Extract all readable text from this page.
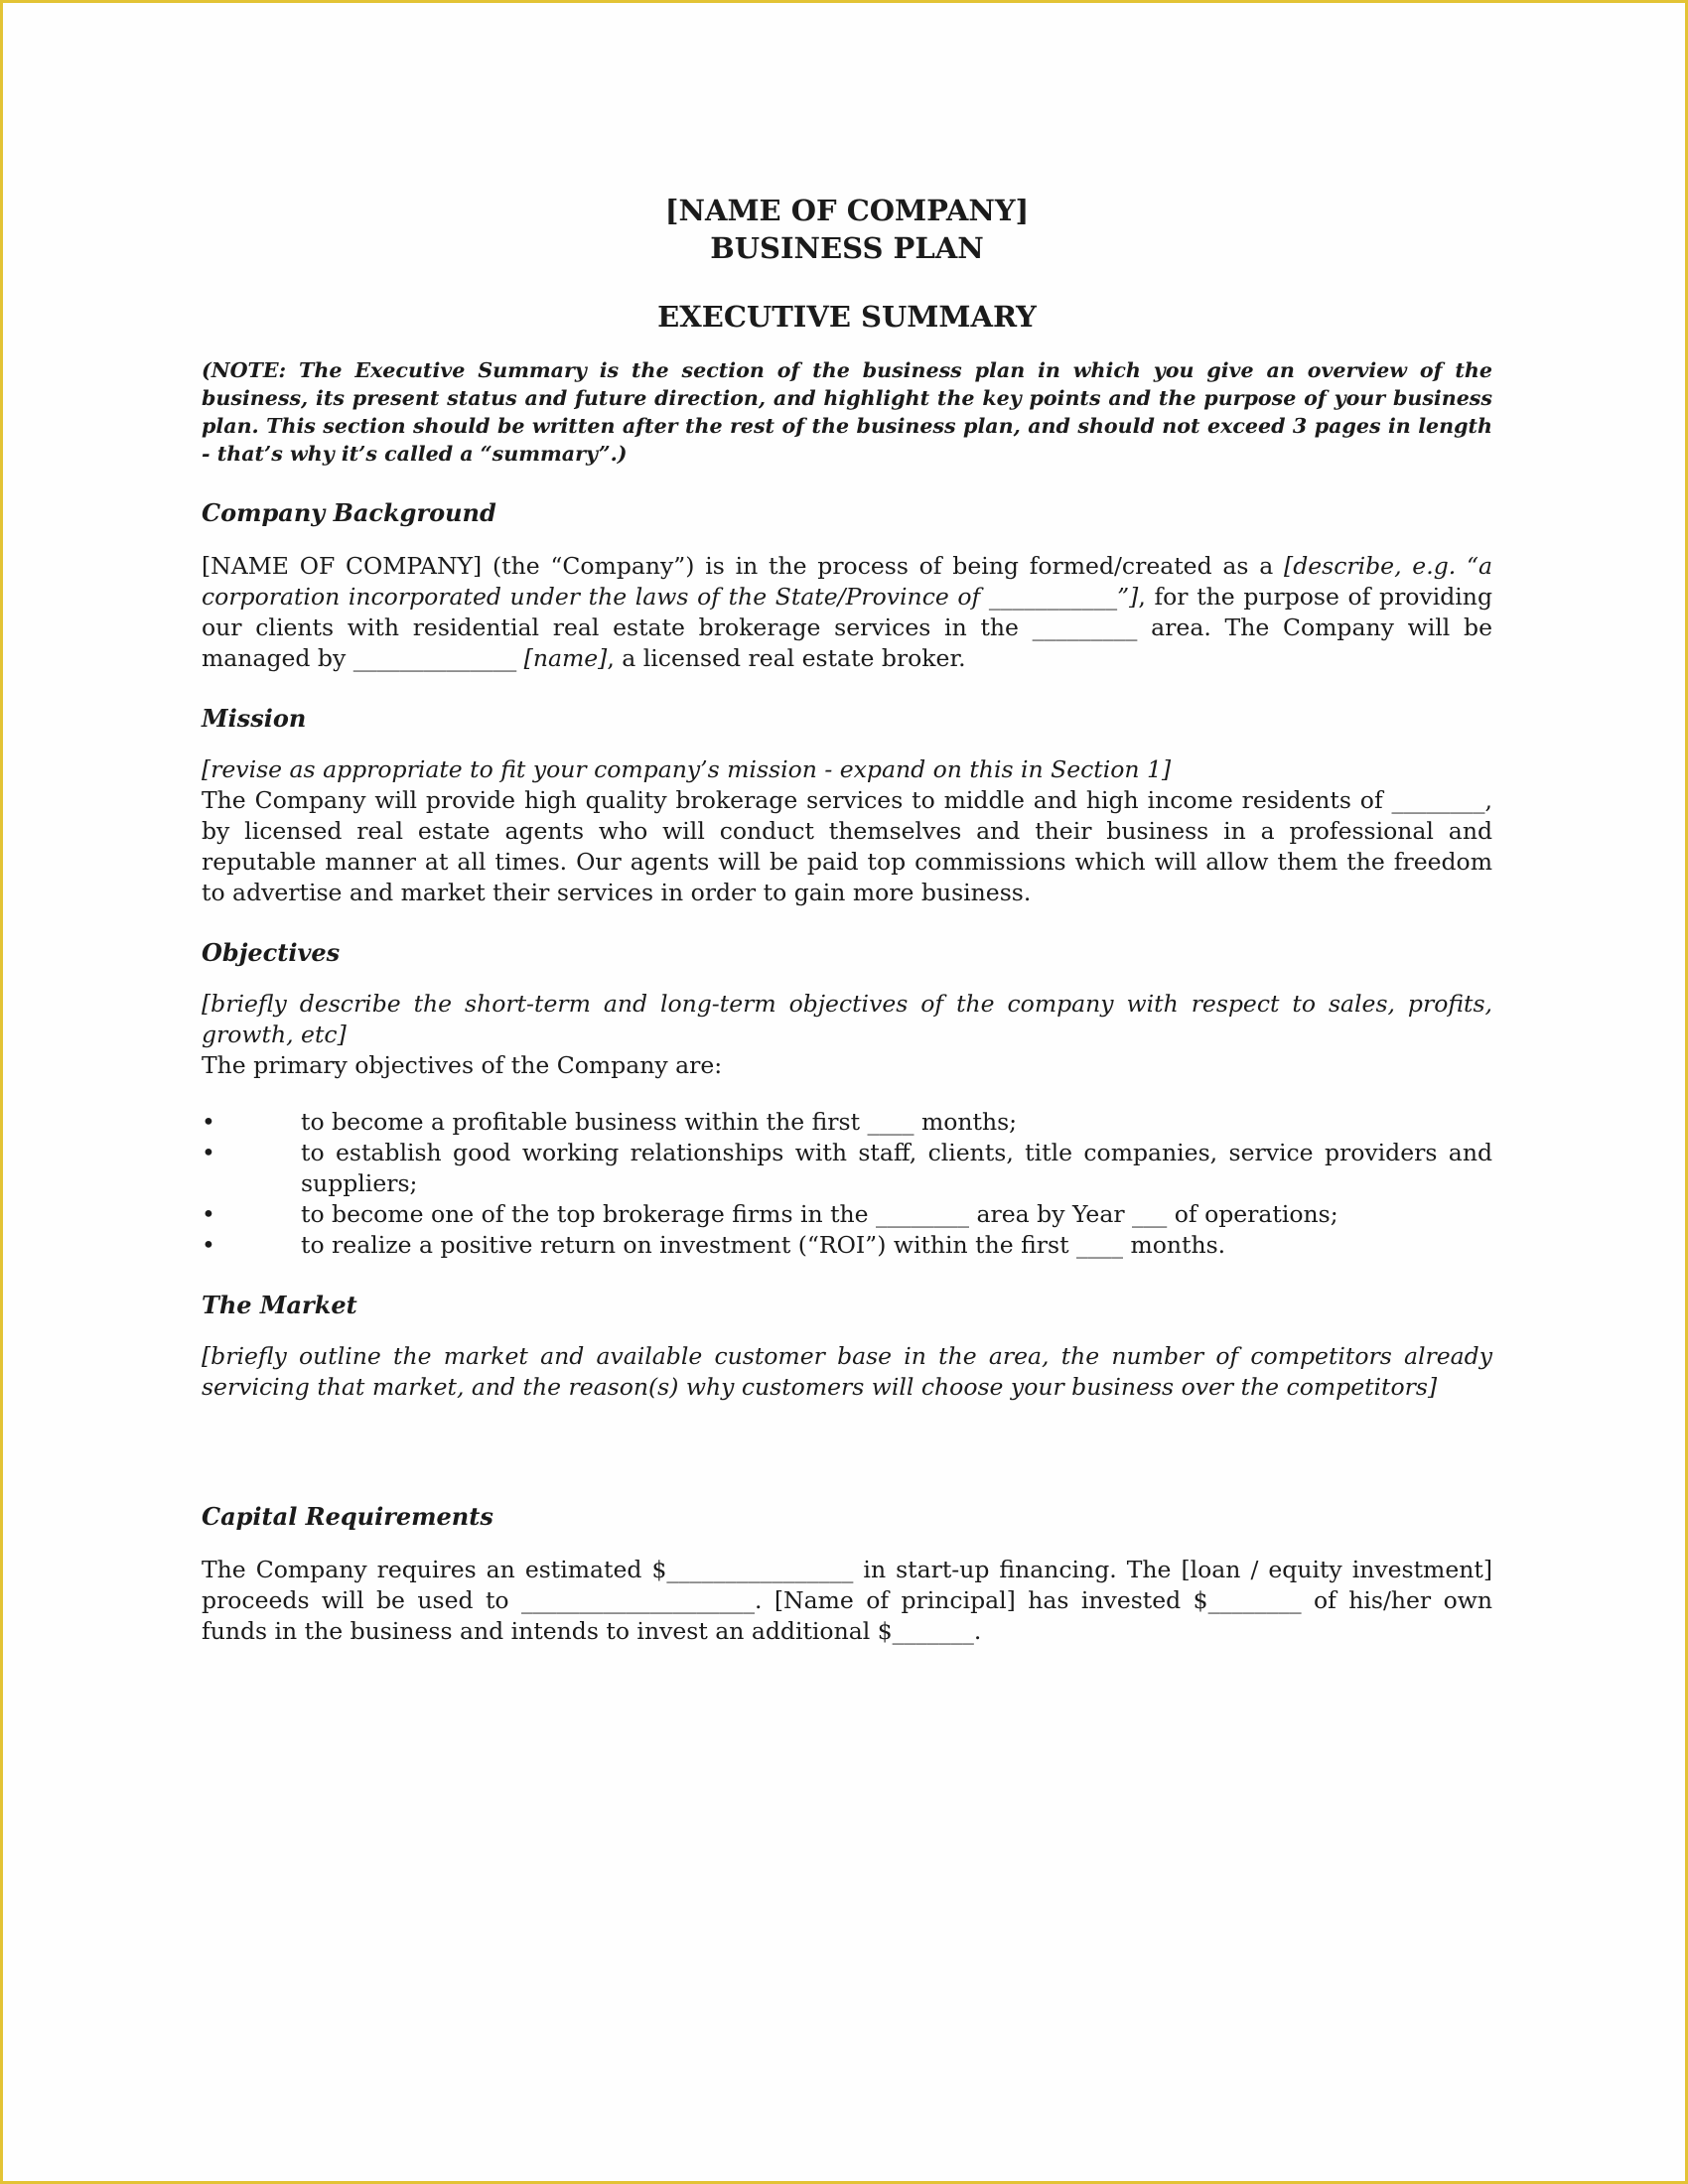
[NAME OF COMPANY]
BUSINESS PLAN
EXECUTIVE SUMMARY
(NOTE: The Executive Summary is the section of the business plan in which you give an overview of the business, its present status and future direction, and highlight the key points and the purpose of your business plan. This section should be written after the rest of the business plan, and should not exceed 3 pages in length - that’s why it’s called a “summary”.)
Company Background

[NAME OF COMPANY] (the “Company”) is in the process of being formed/created as a [describe, e.g. “a corporation incorporated under the laws of the State/Province of ___________”], for the purpose of providing our clients with residential real estate brokerage services in the _________ area. The Company will be managed by ______________ [name], a licensed real estate broker.

Mission

[revise as appropriate to fit your company’s mission - expand on this in Section 1]

The Company will provide high quality brokerage services to middle and high income residents of ________, by licensed real estate agents who will conduct themselves and their business in a professional and reputable manner at all times. Our agents will be paid top commissions which will allow them the freedom to advertise and market their services in order to gain more business.

Objectives

[briefly describe the short-term and long-term objectives of the company with respect to sales, profits, growth, etc]

The primary objectives of the Company are:

•	to become a profitable business within the first ____ months;
•	to establish good working relationships with staff, clients, title companies, service providers and suppliers;
•	to become one of the top brokerage firms in the ________ area by Year ___ of operations;
•	to realize a positive return on investment (“ROI”) within the first ____ months.
The Market

[briefly outline the market and available customer base in the area, the number of competitors already servicing that market, and the reason(s) why customers will choose your business over the competitors]

Capital Requirements

The Company requires an estimated $________________ in start-up financing. The [loan / equity investment] proceeds will be used to ____________________. [Name of principal] has invested $________ of his/her own funds in the business and intends to invest an additional $_______.
